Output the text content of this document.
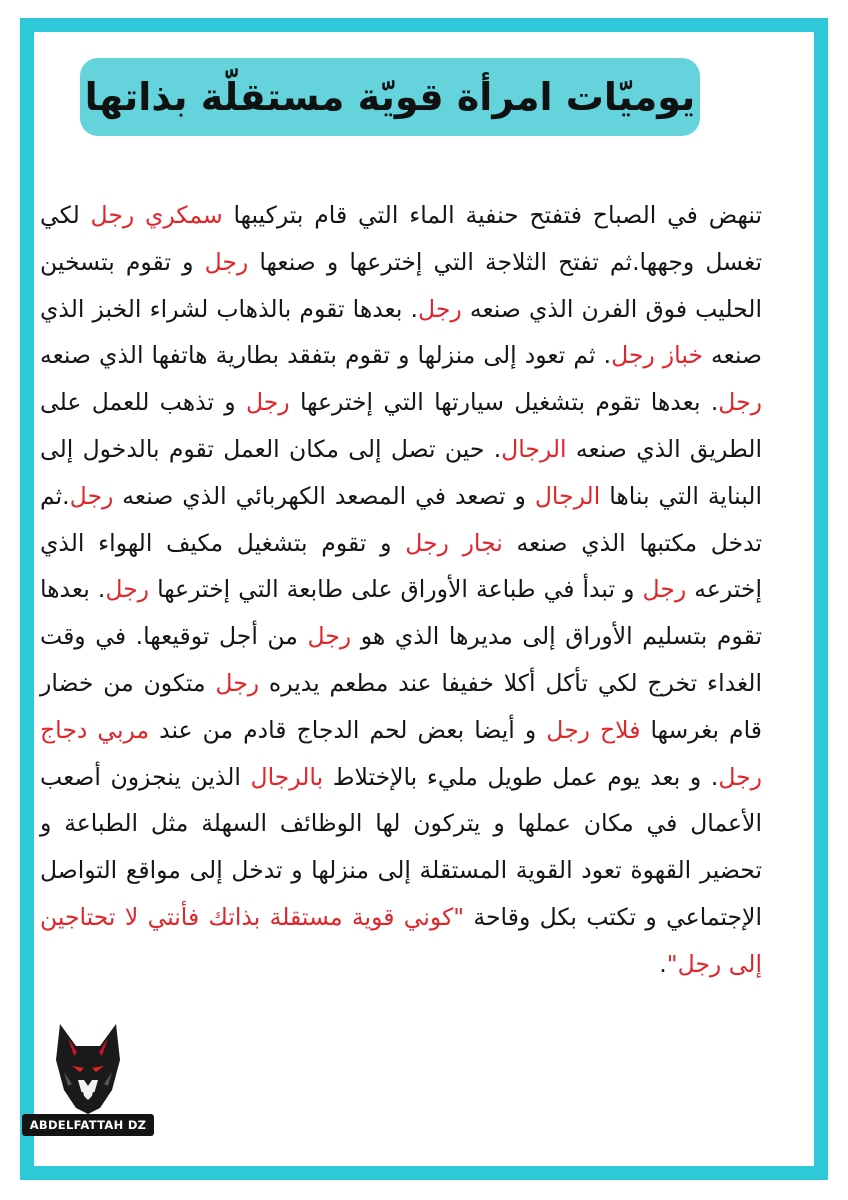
يوميّات امرأة قويّة مستقلّة بذاتها
تنهض في الصباح فتفتح حنفية الماء التي قام بتركيبها سمكري رجل لكي تغسل وجهها.ثم تفتح الثلاجة التي إخترعها و صنعها رجل و تقوم بتسخين الحليب فوق الفرن الذي صنعه رجل. بعدها تقوم بالذهاب لشراء الخبز الذي صنعه خباز رجل. ثم تعود إلى منزلها و تقوم بتفقد بطارية هاتفها الذي صنعه رجل. بعدها تقوم بتشغيل سيارتها التي إخترعها رجل و تذهب للعمل على الطريق الذي صنعه الرجال. حين تصل إلى مكان العمل تقوم بالدخول إلى البناية التي بناها الرجال و تصعد في المصعد الكهربائي الذي صنعه رجل.ثم تدخل مكتبها الذي صنعه نجار رجل و تقوم بتشغيل مكيف الهواء الذي إخترعه رجل و تبدأ في طباعة الأوراق على طابعة التي إخترعها رجل. بعدها تقوم بتسليم الأوراق إلى مديرها الذي هو رجل من أجل توقيعها. في وقت الغداء تخرج لكي تأكل أكلا خفيفا عند مطعم يديره رجل متكون من خضار قام بغرسها فلاح رجل و أيضا بعض لحم الدجاج قادم من عند مربي دجاج رجل. و بعد يوم عمل طويل مليء بالإختلاط بالرجال الذين ينجزون أصعب الأعمال في مكان عملها و يتركون لها الوظائف السهلة مثل الطباعة و تحضير القهوة تعود القوية المستقلة إلى منزلها و تدخل إلى مواقع التواصل الإجتماعي و تكتب بكل وقاحة "كوني قوية مستقلة بذاتك فأنتي لا تحتاجين إلى رجل".
ABDELFATTAH DZ
